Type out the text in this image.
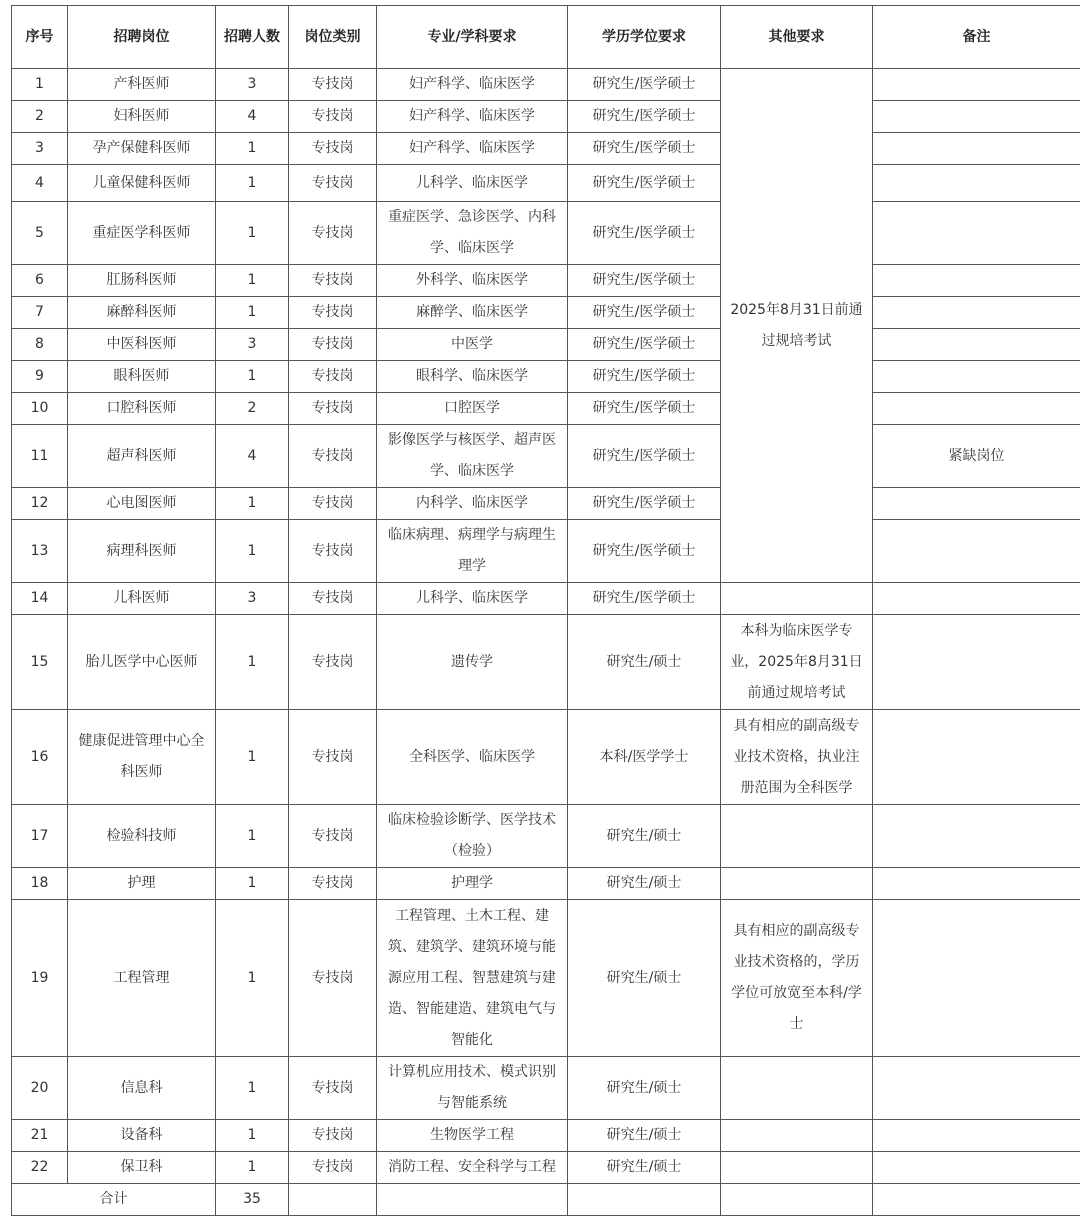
序号	招聘岗位	招聘人数	岗位类别	专业/学科要求	学历学位要求	其他要求	备注
1	产科医师	3	专技岗	妇产科学、临床医学	研究生/医学硕士	2025年8月31日前通过规培考试	
2	妇科医师	4	专技岗	妇产科学、临床医学	研究生/医学硕士		
3	孕产保健科医师	1	专技岗	妇产科学、临床医学	研究生/医学硕士		
4	儿童保健科医师	1	专技岗	儿科学、临床医学	研究生/医学硕士		
5	重症医学科医师	1	专技岗	重症医学、急诊医学、内科学、临床医学	研究生/医学硕士		
6	肛肠科医师	1	专技岗	外科学、临床医学	研究生/医学硕士		
7	麻醉科医师	1	专技岗	麻醉学、临床医学	研究生/医学硕士		
8	中医科医师	3	专技岗	中医学	研究生/医学硕士		
9	眼科医师	1	专技岗	眼科学、临床医学	研究生/医学硕士		
10	口腔科医师	2	专技岗	口腔医学	研究生/医学硕士		
11	超声科医师	4	专技岗	影像医学与核医学、超声医学、临床医学	研究生/医学硕士		紧缺岗位
12	心电图医师	1	专技岗	内科学、临床医学	研究生/医学硕士		
13	病理科医师	1	专技岗	临床病理、病理学与病理生理学	研究生/医学硕士		
14	儿科医师	3	专技岗	儿科学、临床医学	研究生/医学硕士		
15	胎儿医学中心医师	1	专技岗	遗传学	研究生/硕士	本科为临床医学专业，2025年8月31日前通过规培考试	
16	健康促进管理中心全科医师	1	专技岗	全科医学、临床医学	本科/医学学士	具有相应的副高级专业技术资格，执业注册范围为全科医学	
17	检验科技师	1	专技岗	临床检验诊断学、医学技术（检验）	研究生/硕士		
18	护理	1	专技岗	护理学	研究生/硕士		
19	工程管理	1	专技岗	工程管理、土木工程、建筑、建筑学、建筑环境与能源应用工程、智慧建筑与建造、智能建造、建筑电气与智能化	研究生/硕士	具有相应的副高级专业技术资格的，学历学位可放宽至本科/学士	
20	信息科	1	专技岗	计算机应用技术、模式识别与智能系统	研究生/硕士		
21	设备科	1	专技岗	生物医学工程	研究生/硕士		
22	保卫科	1	专技岗	消防工程、安全科学与工程	研究生/硕士		
合计		35					
